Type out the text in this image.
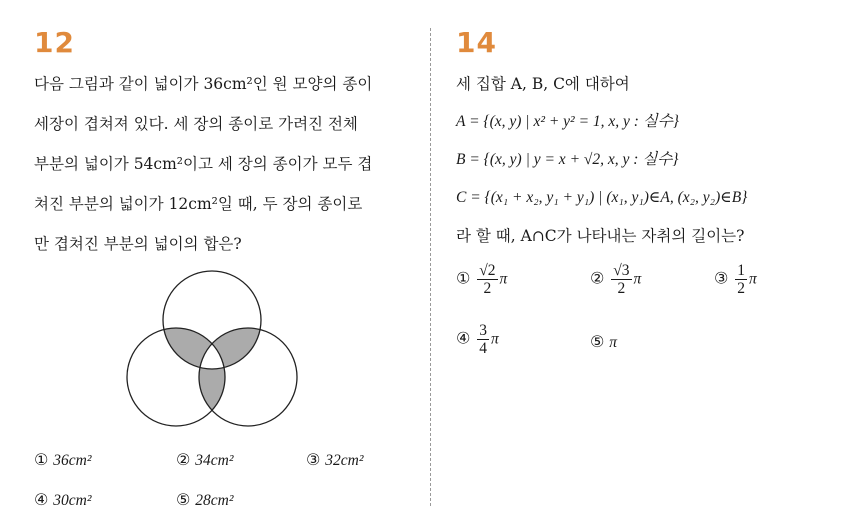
12
다음 그림과 같이 넓이가 36cm²인 원 모양의 종이
세장이 겹쳐져 있다. 세 장의 종이로 가려진 전체
부분의 넓이가 54cm²이고 세 장의 종이가 모두 겹
쳐진 부분의 넓이가 12cm²일 때, 두 장의 종이로
만 겹쳐진 부분의 넓이의 합은?
① 36cm²	② 34cm²	③ 32cm²
④ 30cm²	⑤ 28cm²
14
세 집합 A, B, C에 대하여
A = {(x, y) | x² + y² = 1, x, y : 실수}
B = {(x, y) | y = x + √2, x, y : 실수}
C = {(x₁ + x₂, y₁ + y₁) | (x₁, y₁)∈A, (x₂, y₂)∈B}
라 할 때, A∩C가 나타내는 자취의 길이는?
① $\frac{√2}{2}$ π	② $\frac{√3}{2}$ π	③ $\frac{1}{2}$ π
④ $\frac{3}{4}$ π	⑤ π
